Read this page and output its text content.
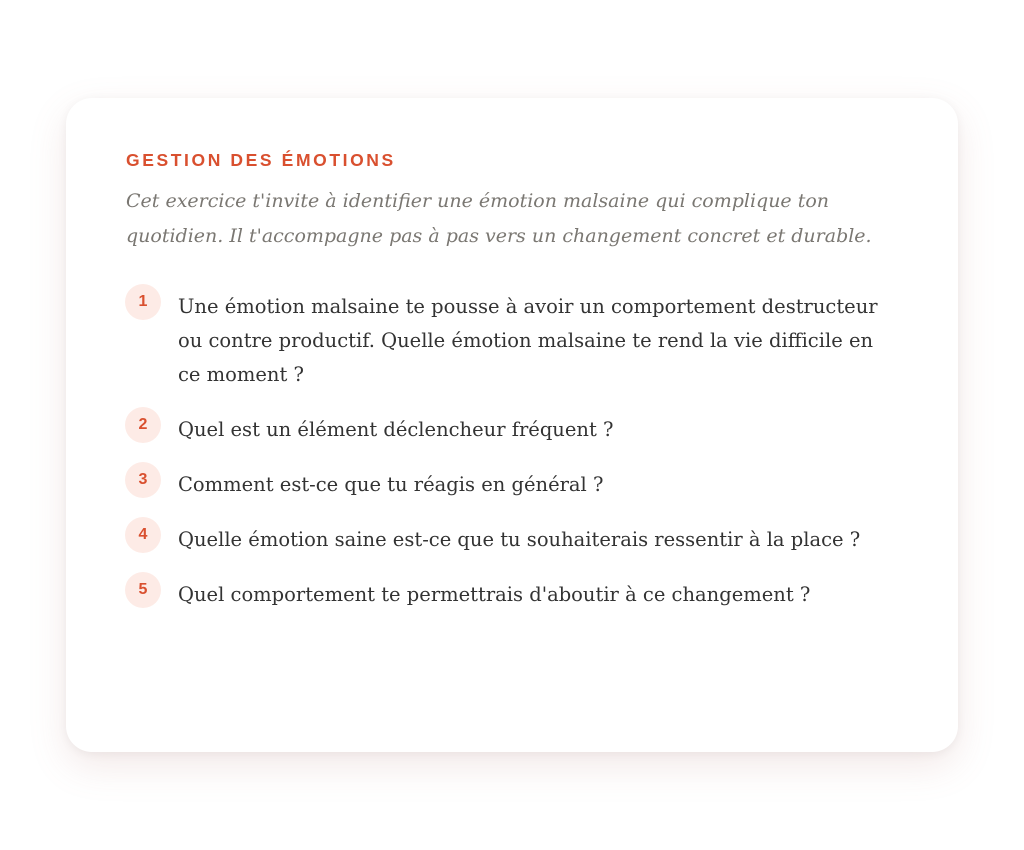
GESTION DES ÉMOTIONS

Cet exercice t'invite à identifier une émotion malsaine qui complique ton quotidien. Il t'accompagne pas à pas vers un changement concret et durable.

1	Une émotion malsaine te pousse à avoir un comportement destructeur ou contre productif. Quelle émotion malsaine te rend la vie difficile en ce moment ?
2	Quel est un élément déclencheur fréquent ?
3	Comment est-ce que tu réagis en général ?
4	Quelle émotion saine est-ce que tu souhaiterais ressentir à la place ?
5	Quel comportement te permettrais d'aboutir à ce changement ?
